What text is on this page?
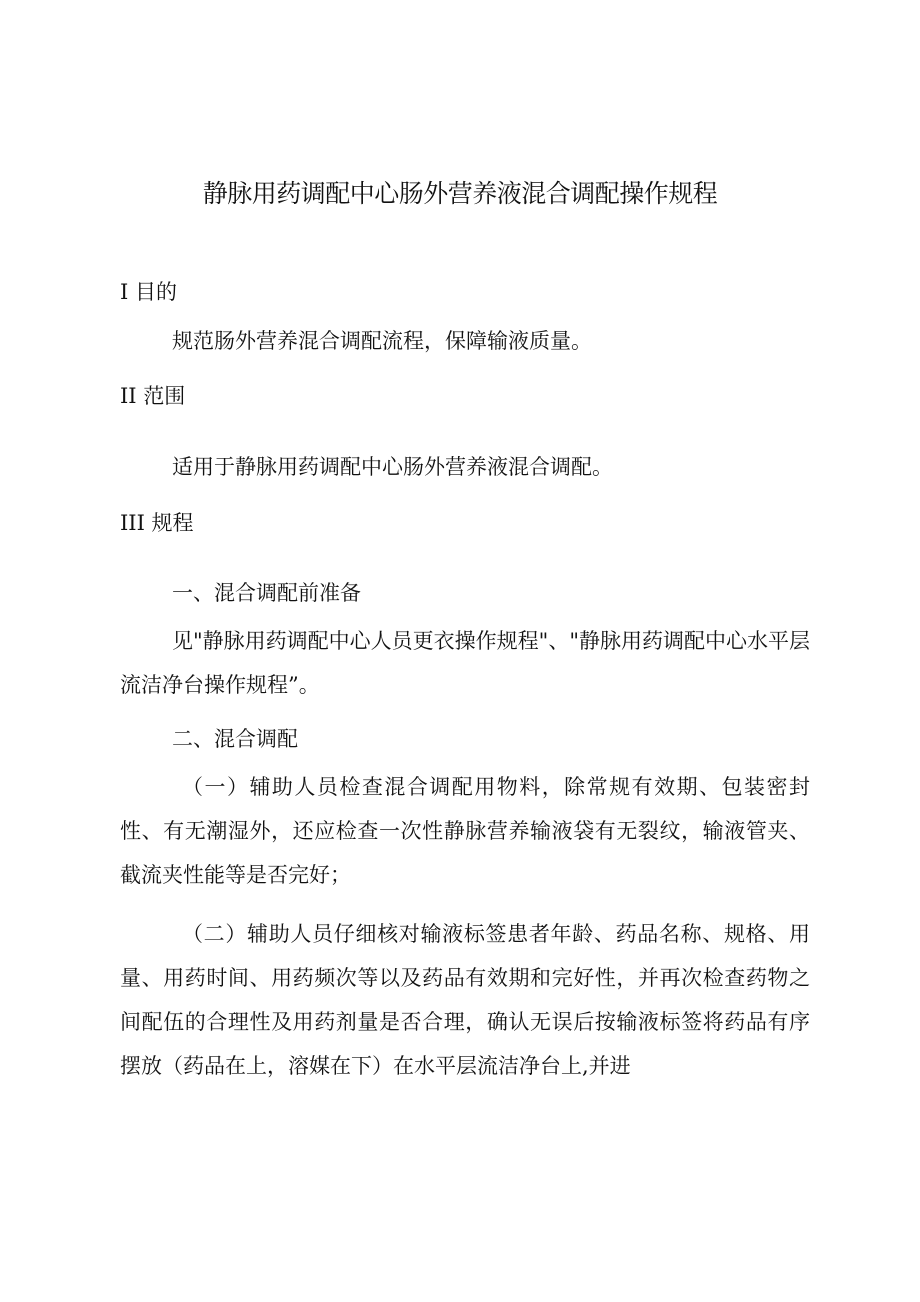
静脉用药调配中心肠外营养液混合调配操作规程
I 目的
规范肠外营养混合调配流程，保障输液质量。
II 范围
适用于静脉用药调配中心肠外营养液混合调配。
III 规程
一、混合调配前准备

见"静脉用药调配中心人员更衣操作规程"、"静脉用药调配中心水平层流洁净台操作规程”。

二、混合调配

（一）辅助人员检查混合调配用物料，除常规有效期、包装密封性、有无潮湿外，还应检查一次性静脉营养输液袋有无裂纹，输液管夹、截流夹性能等是否完好；

（二）辅助人员仔细核对输液标签患者年龄、药品名称、规格、用量、用药时间、用药频次等以及药品有效期和完好性，并再次检查药物之间配伍的合理性及用药剂量是否合理，确认无误后按输液标签将药品有序摆放（药品在上，溶媒在下）在水平层流洁净台上,并进
